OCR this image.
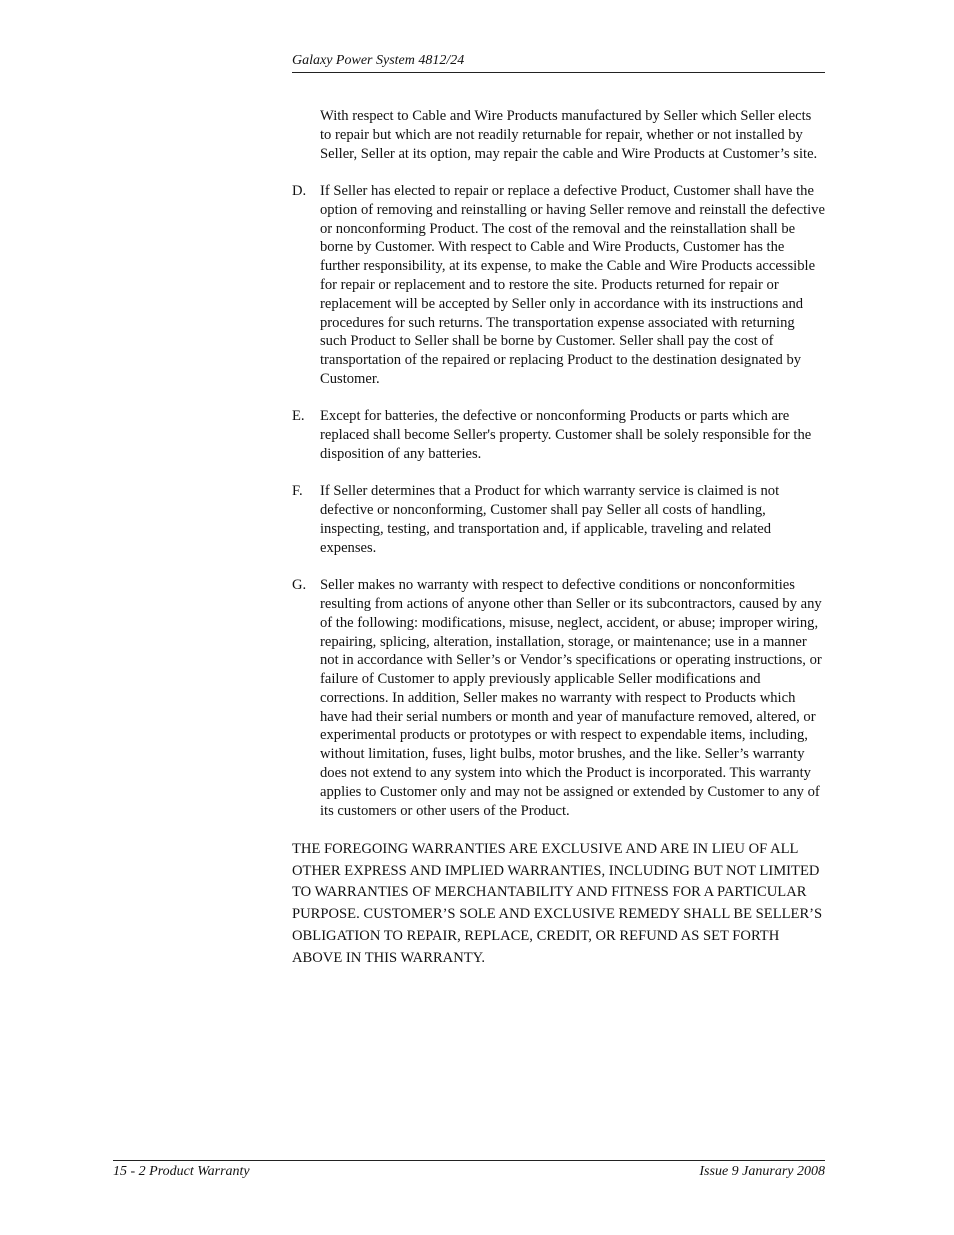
Galaxy Power System 4812/24

With respect to Cable and Wire Products manufactured by Seller which Seller elects to repair but which are not readily returnable for repair, whether or not installed by Seller, Seller at its option, may repair the cable and Wire Products at Customer’s site.

D. If Seller has elected to repair or replace a defective Product, Customer shall have the option of removing and reinstalling or having Seller remove and reinstall the defective or nonconforming Product. The cost of the removal and the reinstallation shall be borne by Customer. With respect to Cable and Wire Products, Customer has the further responsibility, at its expense, to make the Cable and Wire Products accessible for repair or replacement and to restore the site. Products returned for repair or replacement will be accepted by Seller only in accordance with its instructions and procedures for such returns. The transportation expense associated with returning such Product to Seller shall be borne by Customer. Seller shall pay the cost of transportation of the repaired or replacing Product to the destination designated by Customer.
E. Except for batteries, the defective or nonconforming Products or parts which are replaced shall become Seller's property. Customer shall be solely responsible for the disposition of any batteries.
F. If Seller determines that a Product for which warranty service is claimed is not defective or nonconforming, Customer shall pay Seller all costs of handling, inspecting, testing, and transportation and, if applicable, traveling and related expenses.
G. Seller makes no warranty with respect to defective conditions or nonconformities resulting from actions of anyone other than Seller or its subcontractors, caused by any of the following: modifications, misuse, neglect, accident, or abuse; improper wiring, repairing, splicing, alteration, installation, storage, or maintenance; use in a manner not in accordance with Seller’s or Vendor’s specifications or operating instructions, or failure of Customer to apply previously applicable Seller modifications and corrections. In addition, Seller makes no warranty with respect to Products which have had their serial numbers or month and year of manufacture removed, altered, or experimental products or prototypes or with respect to expendable items, including, without limitation, fuses, light bulbs, motor brushes, and the like. Seller’s warranty does not extend to any system into which the Product is incorporated. This warranty applies to Customer only and may not be assigned or extended by Customer to any of its customers or other users of the Product.
THE FOREGOING WARRANTIES ARE EXCLUSIVE AND ARE IN LIEU OF ALL OTHER EXPRESS AND IMPLIED WARRANTIES, INCLUDING BUT NOT LIMITED TO WARRANTIES OF MERCHANTABILITY AND FITNESS FOR A PARTICULAR PURPOSE. CUSTOMER’S SOLE AND EXCLUSIVE REMEDY SHALL BE SELLER’S OBLIGATION TO REPAIR, REPLACE, CREDIT, OR REFUND AS SET FORTH ABOVE IN THIS WARRANTY.
15 - 2 Product Warranty	Issue 9 Janurary 2008
